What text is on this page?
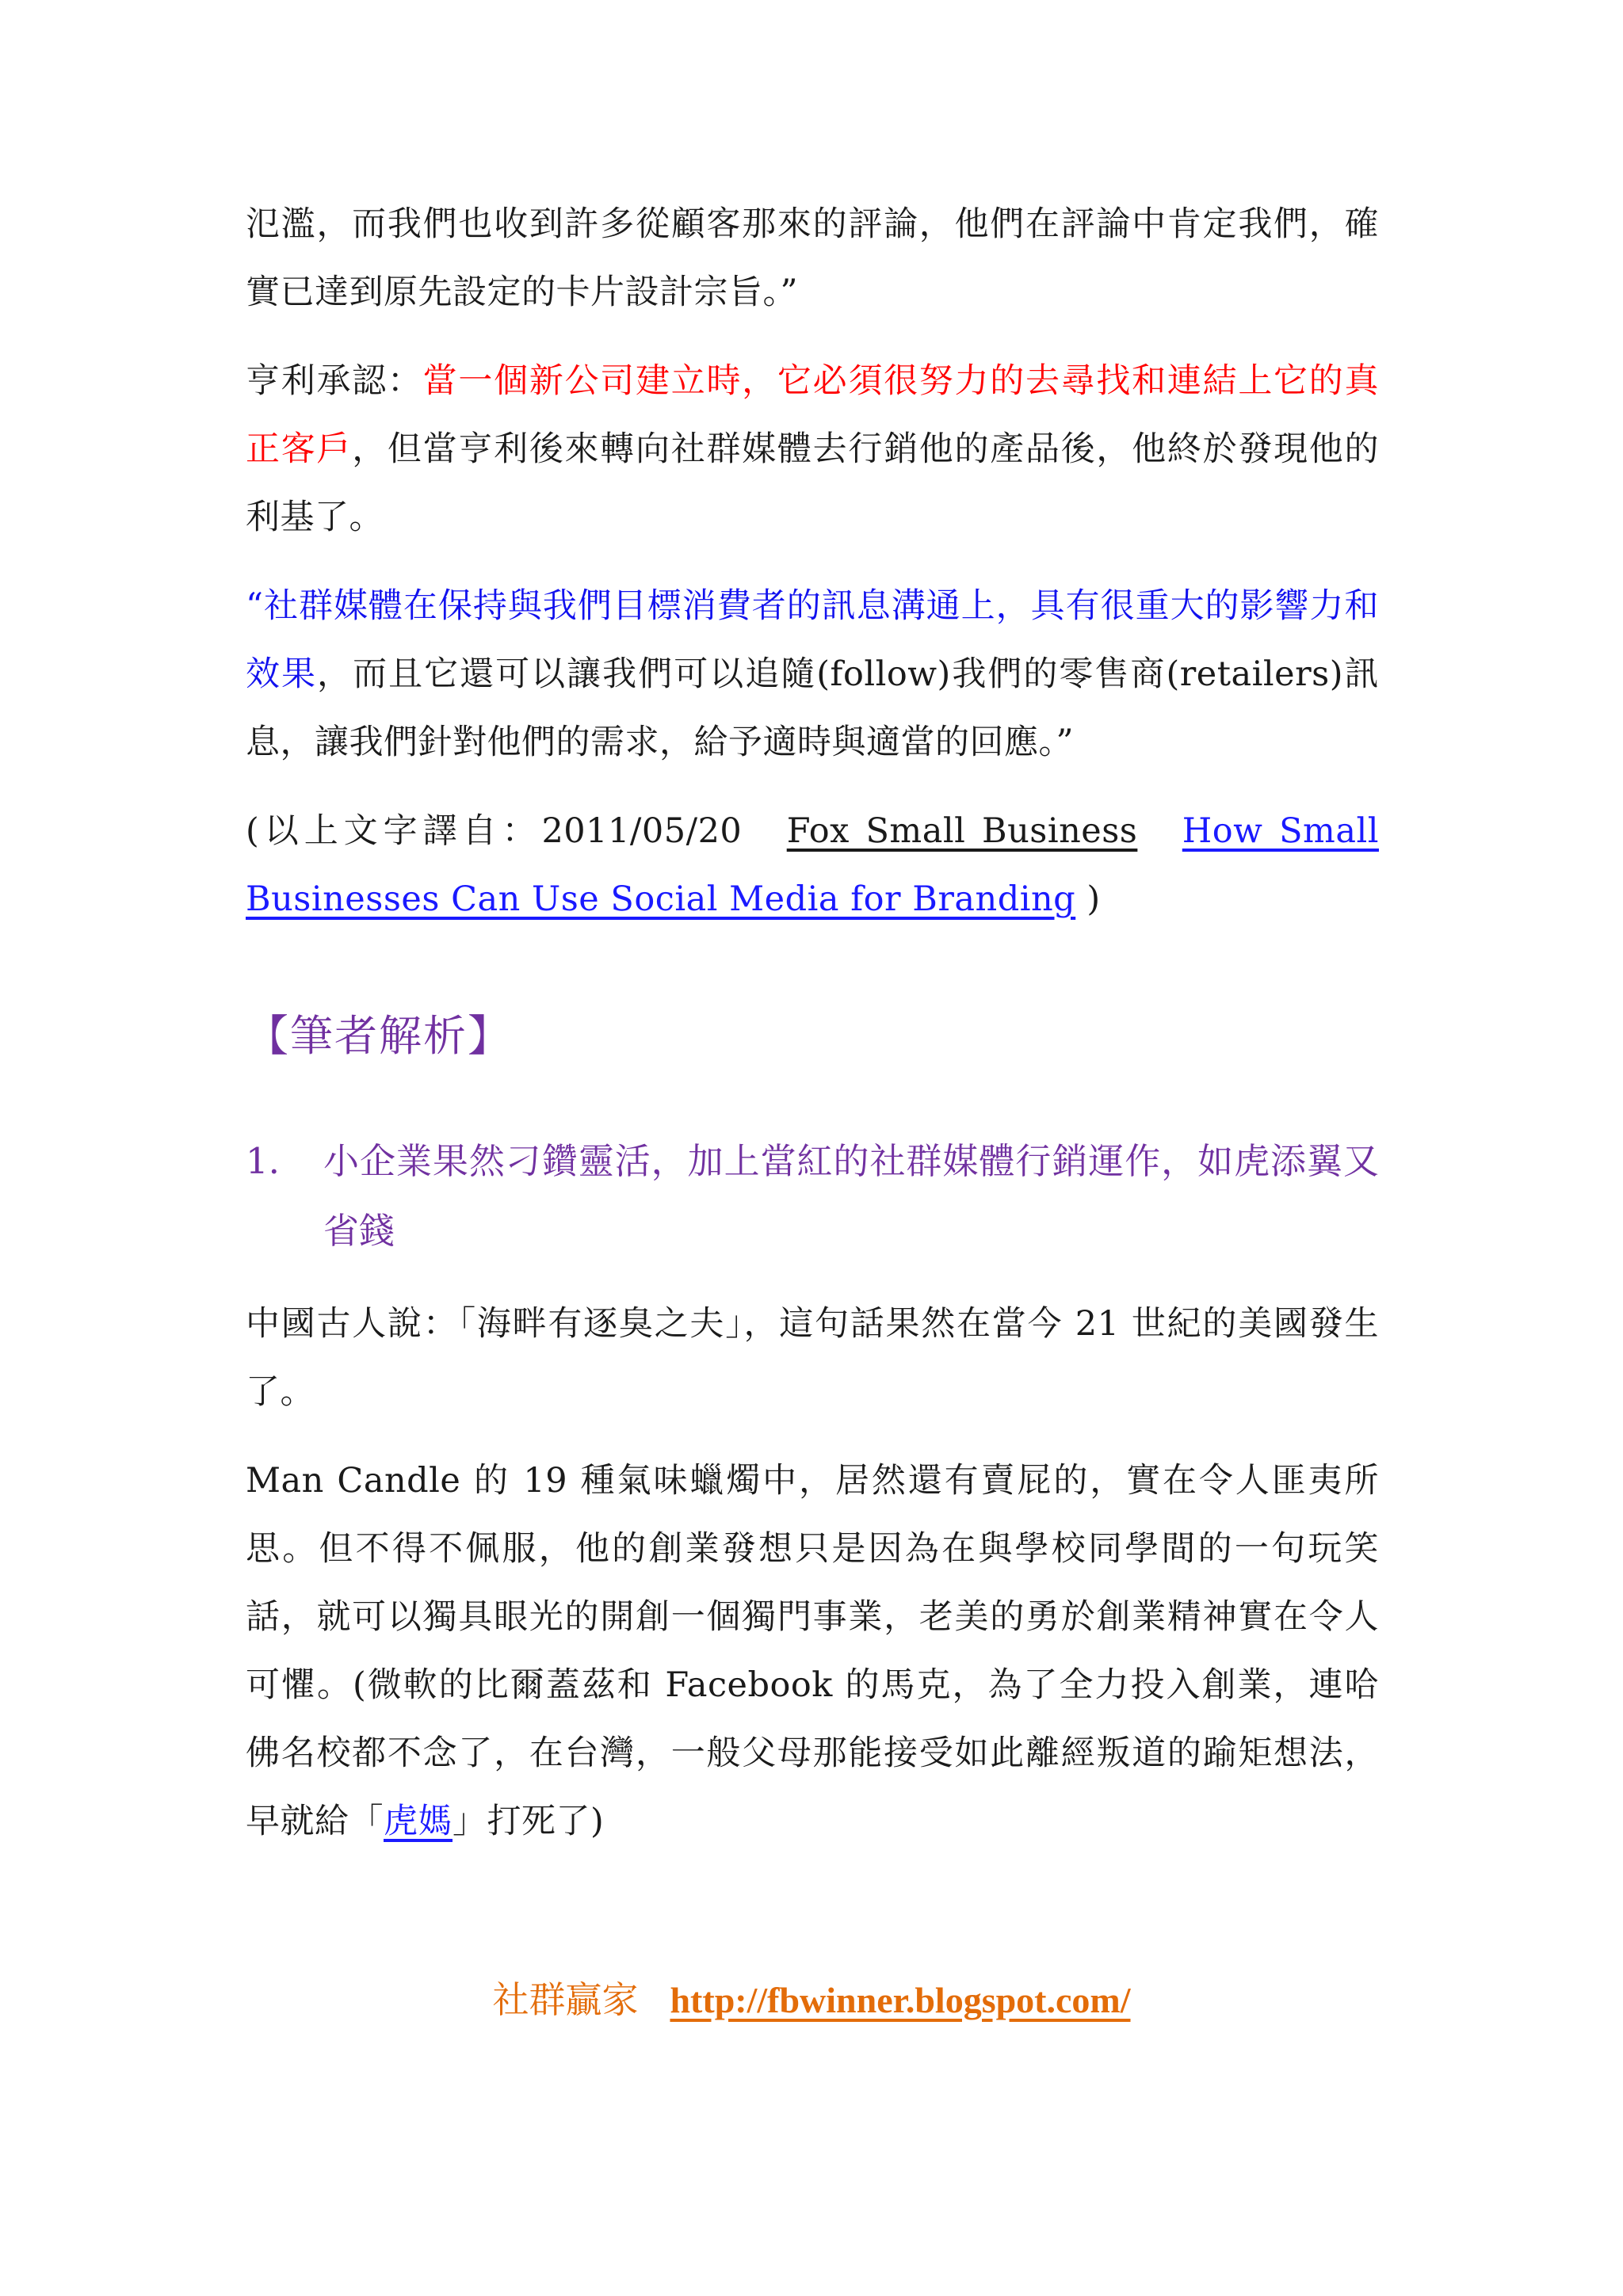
氾濫，而我們也收到許多從顧客那來的評論，他們在評論中肯定我們，確實已達到原先設定的卡片設計宗旨。”

亨利承認：當一個新公司建立時，它必須很努力的去尋找和連結上它的真正客戶，但當亨利後來轉向社群媒體去行銷他的產品後，他終於發現他的利基了。

“社群媒體在保持與我們目標消費者的訊息溝通上，具有很重大的影響力和效果，而且它還可以讓我們可以追隨(follow)我們的零售商(retailers)訊息，讓我們針對他們的需求，給予適時與適當的回應。”

(以上文字譯自：2011/05/20　Fox Small Business　 How Small Businesses Can Use Social Media for Branding )

【筆者解析】
1.	小企業果然刁鑽靈活，加上當紅的社群媒體行銷運作，如虎添翼又省錢

中國古人說：「海畔有逐臭之夫」，這句話果然在當今 21 世紀的美國發生了。

Man Candle 的 19 種氣味蠟燭中，居然還有賣屁的，實在令人匪夷所思。但不得不佩服，他的創業發想只是因為在與學校同學間的一句玩笑話，就可以獨具眼光的開創一個獨門事業，老美的勇於創業精神實在令人可懼。(微軟的比爾蓋茲和 Facebook 的馬克，為了全力投入創業，連哈佛名校都不念了，在台灣，一般父母那能接受如此離經叛道的踰矩想法，早就給「虎媽」打死了)

社群贏家 http://fbwinner.blogspot.com/
